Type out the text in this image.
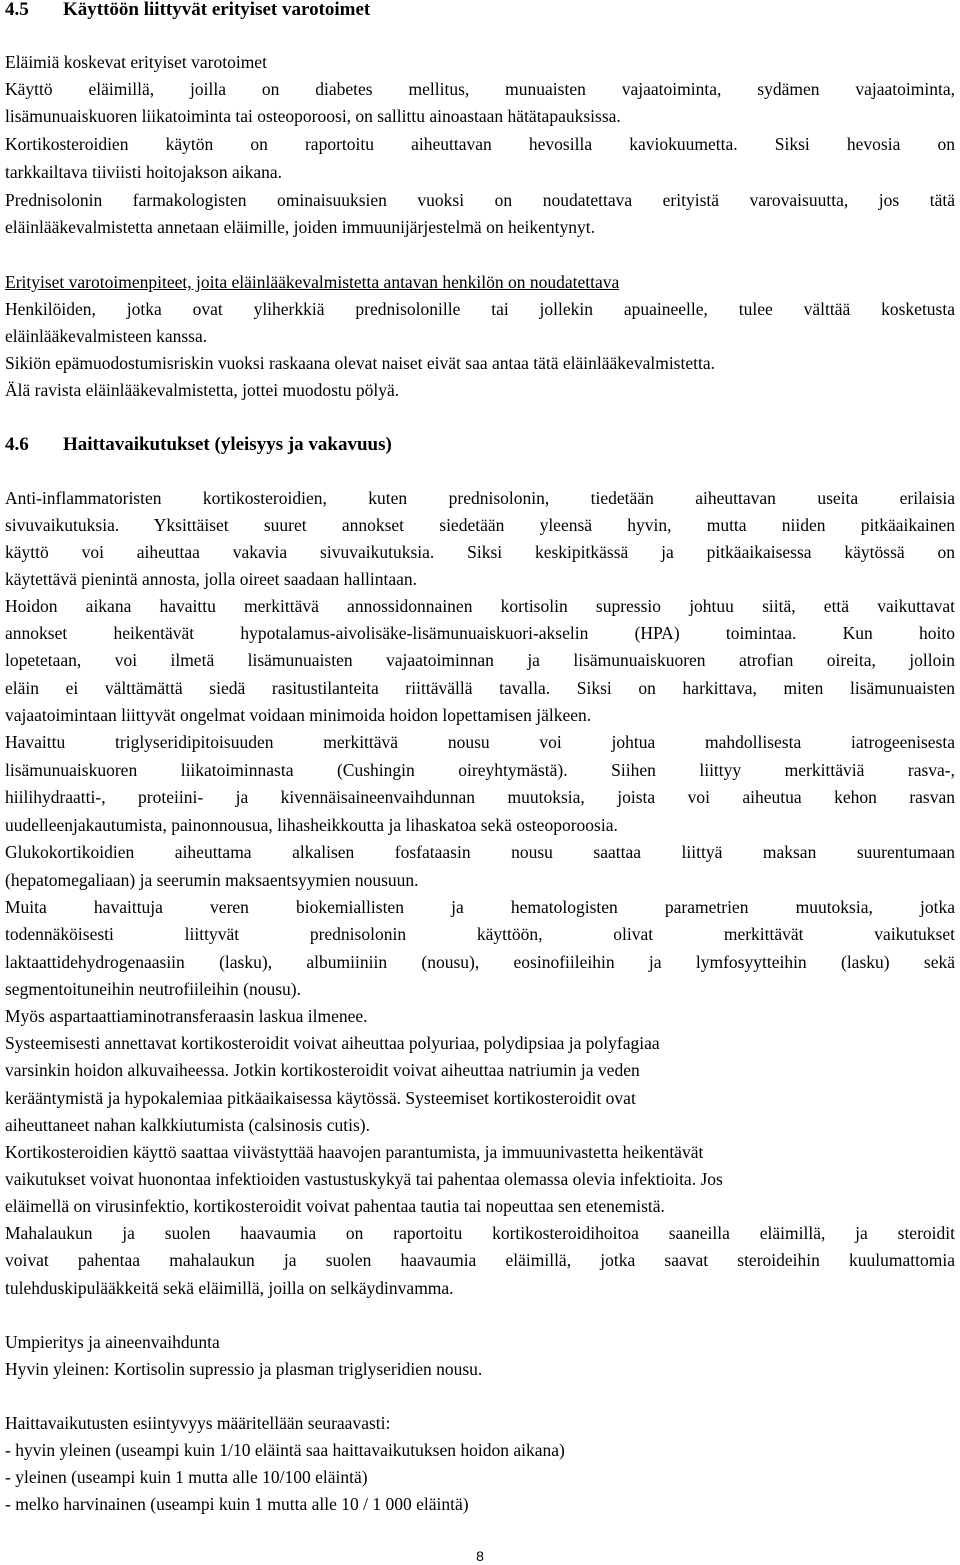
4.5 Käyttöön liittyvät erityiset varotoimet
Eläimiä koskevat erityiset varotoimet
Käyttö eläimillä, joilla on diabetes mellitus, munuaisten vajaatoiminta, sydämen vajaatoiminta,
lisämunuaiskuoren liikatoiminta tai osteoporoosi, on sallittu ainoastaan hätätapauksissa.
Kortikosteroidien käytön on raportoitu aiheuttavan hevosilla kaviokuumetta. Siksi hevosia on
tarkkailtava tiiviisti hoitojakson aikana.
Prednisolonin farmakologisten ominaisuuksien vuoksi on noudatettava erityistä varovaisuutta, jos tätä
eläinlääkevalmistetta annetaan eläimille, joiden immuunijärjestelmä on heikentynyt.
Erityiset varotoimenpiteet, joita eläinlääkevalmistetta antavan henkilön on noudatettava
Henkilöiden, jotka ovat yliherkkiä prednisolonille tai jollekin apuaineelle, tulee välttää kosketusta
eläinlääkevalmisteen kanssa.
Sikiön epämuodostumisriskin vuoksi raskaana olevat naiset eivät saa antaa tätä eläinlääkevalmistetta.
Älä ravista eläinlääkevalmistetta, jottei muodostu pölyä.
4.6 Haittavaikutukset (yleisyys ja vakavuus)
Anti-inflammatoristen kortikosteroidien, kuten prednisolonin, tiedetään aiheuttavan useita erilaisia
sivuvaikutuksia. Yksittäiset suuret annokset siedetään yleensä hyvin, mutta niiden pitkäaikainen
käyttö voi aiheuttaa vakavia sivuvaikutuksia. Siksi keskipitkässä ja pitkäaikaisessa käytössä on
käytettävä pienintä annosta, jolla oireet saadaan hallintaan.
Hoidon aikana havaittu merkittävä annossidonnainen kortisolin supressio johtuu siitä, että vaikuttavat
annokset heikentävät hypotalamus-aivolisäke-lisämunuaiskuori-akselin (HPA) toimintaa. Kun hoito
lopetetaan, voi ilmetä lisämunuaisten vajaatoiminnan ja lisämunuaiskuoren atrofian oireita, jolloin
eläin ei välttämättä siedä rasitustilanteita riittävällä tavalla. Siksi on harkittava, miten lisämunuaisten
vajaatoimintaan liittyvät ongelmat voidaan minimoida hoidon lopettamisen jälkeen.
Havaittu triglyseridipitoisuuden merkittävä nousu voi johtua mahdollisesta iatrogeenisesta
lisämunuaiskuoren liikatoiminnasta (Cushingin oireyhtymästä). Siihen liittyy merkittäviä rasva-,
hiilihydraatti-, proteiini- ja kivennäisaineenvaihdunnan muutoksia, joista voi aiheutua kehon rasvan
uudelleenjakautumista, painonnousua, lihasheikkoutta ja lihaskatoa sekä osteoporoosia.
Glukokortikoidien aiheuttama alkalisen fosfataasin nousu saattaa liittyä maksan suurentumaan
(hepatomegaliaan) ja seerumin maksaentsyymien nousuun.
Muita havaittuja veren biokemiallisten ja hematologisten parametrien muutoksia, jotka
todennäköisesti liittyvät prednisolonin käyttöön, olivat merkittävät vaikutukset
laktaattidehydrogenaasiin (lasku), albumiiniin (nousu), eosinofiileihin ja lymfosyytteihin (lasku) sekä
segmentoituneihin neutrofiileihin (nousu).
Myös aspartaattiaminotransferaasin laskua ilmenee.
Systeemisesti annettavat kortikosteroidit voivat aiheuttaa polyuriaa, polydipsiaa ja polyfagiaa
varsinkin hoidon alkuvaiheessa. Jotkin kortikosteroidit voivat aiheuttaa natriumin ja veden
kerääntymistä ja hypokalemiaa pitkäaikaisessa käytössä. Systeemiset kortikosteroidit ovat
aiheuttaneet nahan kalkkiutumista (calsinosis cutis).
Kortikosteroidien käyttö saattaa viivästyttää haavojen parantumista, ja immuunivastetta heikentävät
vaikutukset voivat huonontaa infektioiden vastustuskykyä tai pahentaa olemassa olevia infektioita. Jos
eläimellä on virusinfektio, kortikosteroidit voivat pahentaa tautia tai nopeuttaa sen etenemistä.
Mahalaukun ja suolen haavaumia on raportoitu kortikosteroidihoitoa saaneilla eläimillä, ja steroidit
voivat pahentaa mahalaukun ja suolen haavaumia eläimillä, jotka saavat steroideihin kuulumattomia
tulehduskipulääkkeitä sekä eläimillä, joilla on selkäydinvamma.
Umpieritys ja aineenvaihdunta
Hyvin yleinen: Kortisolin supressio ja plasman triglyseridien nousu.
Haittavaikutusten esiintyvyys määritellään seuraavasti:
- hyvin yleinen (useampi kuin 1/10 eläintä saa haittavaikutuksen hoidon aikana)
- yleinen (useampi kuin 1 mutta alle 10/100 eläintä)
- melko harvinainen (useampi kuin 1 mutta alle 10 / 1 000 eläintä)
8
